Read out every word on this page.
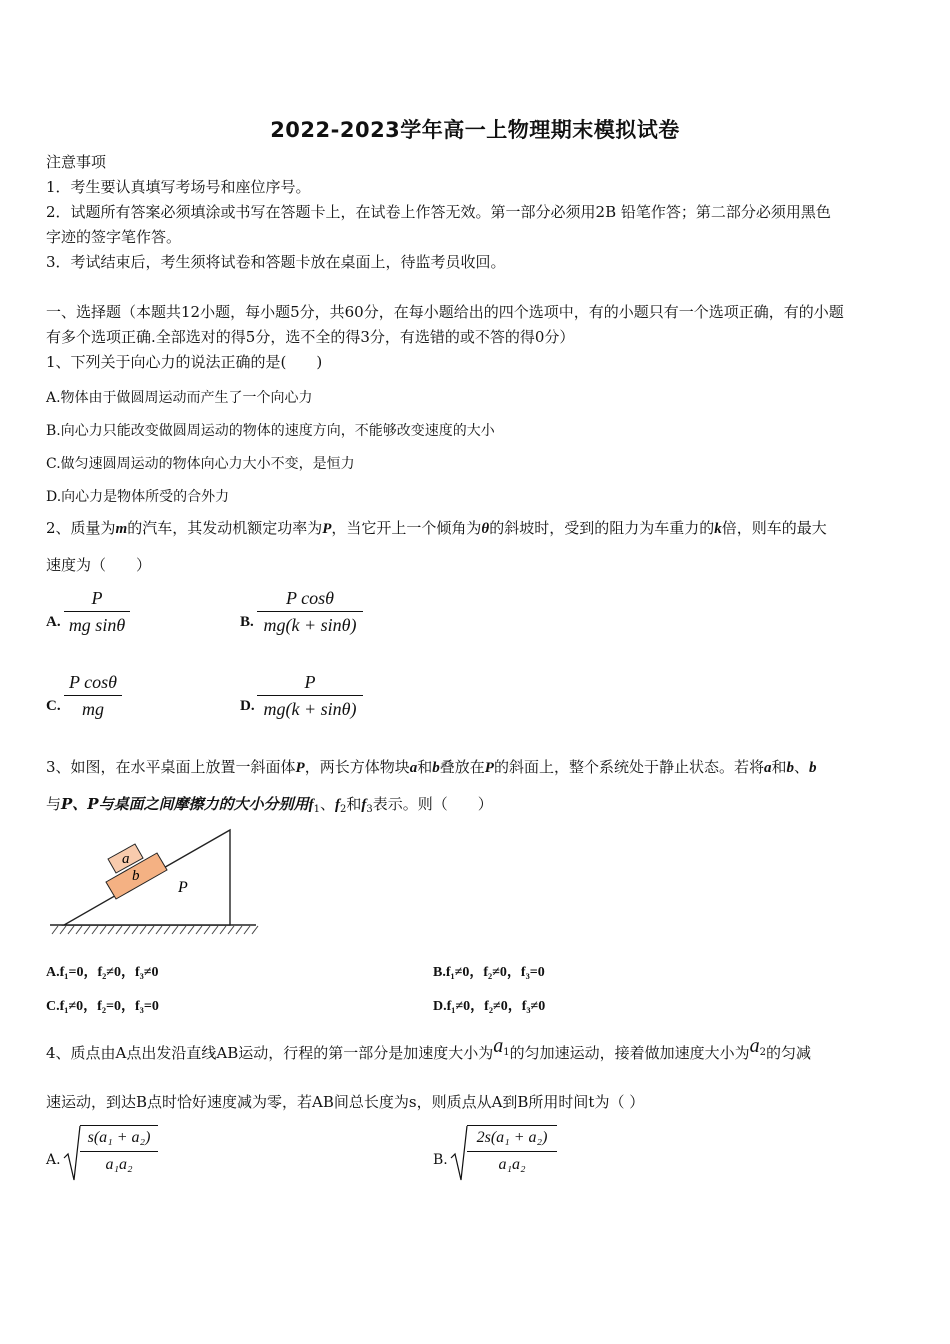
2022-2023学年高一上物理期末模拟试卷
注意事项
1．考生要认真填写考场号和座位序号。
2．试题所有答案必须填涂或书写在答题卡上，在试卷上作答无效。第一部分必须用2B 铅笔作答；第二部分必须用黑色
字迹的签字笔作答。
3．考试结束后，考生须将试卷和答题卡放在桌面上，待监考员收回。
一、选择题（本题共12小题，每小题5分，共60分，在每小题给出的四个选项中，有的小题只有一个选项正确，有的小题
有多个选项正确.全部选对的得5分，选不全的得3分，有选错的或不答的得0分）
1、下列关于向心力的说法正确的是(　　)
A.物体由于做圆周运动而产生了一个向心力
B.向心力只能改变做圆周运动的物体的速度方向，不能够改变速度的大小
C.做匀速圆周运动的物体向心力大小不变，是恒力
D.向心力是物体所受的合外力
2、质量为m的汽车，其发动机额定功率为P，当它开上一个倾角为θ的斜坡时，受到的阻力为车重力的k倍，则车的最大
速度为（　　）
A.
P
mg sinθ	B.
P cosθ
mg(k + sinθ)
C.
P cosθ
mg	D.
P
mg(k + sinθ)
3、如图，在水平桌面上放置一斜面体P，两长方体物块a和b叠放在P的斜面上，整个系统处于静止状态。若将a和b、b
与P、P与桌面之间摩擦力的大小分别用$f_1$、$f_2$和$f_3$表示。则（　　）
a
b
P
A.f₁=0，f₂≠0，f₃≠0	B.f₁≠0，f₂≠0，f₃=0
C.f₁≠0，f₂=0，f₃=0	D.f₁≠0，f₂≠0，f₃≠0
4、质点由A点出发沿直线AB运动，行程的第一部分是加速度大小为$a^1$的匀加速运动，接着做加速度大小为$a^2$的匀减
速运动，到达B点时恰好速度减为零，若AB间总长度为s，则质点从A到B所用时间t为（ ）
A.
s(a₁ + a₂)
a₁a₂	B.
2s(a₁ + a₂)
a₁a₂
